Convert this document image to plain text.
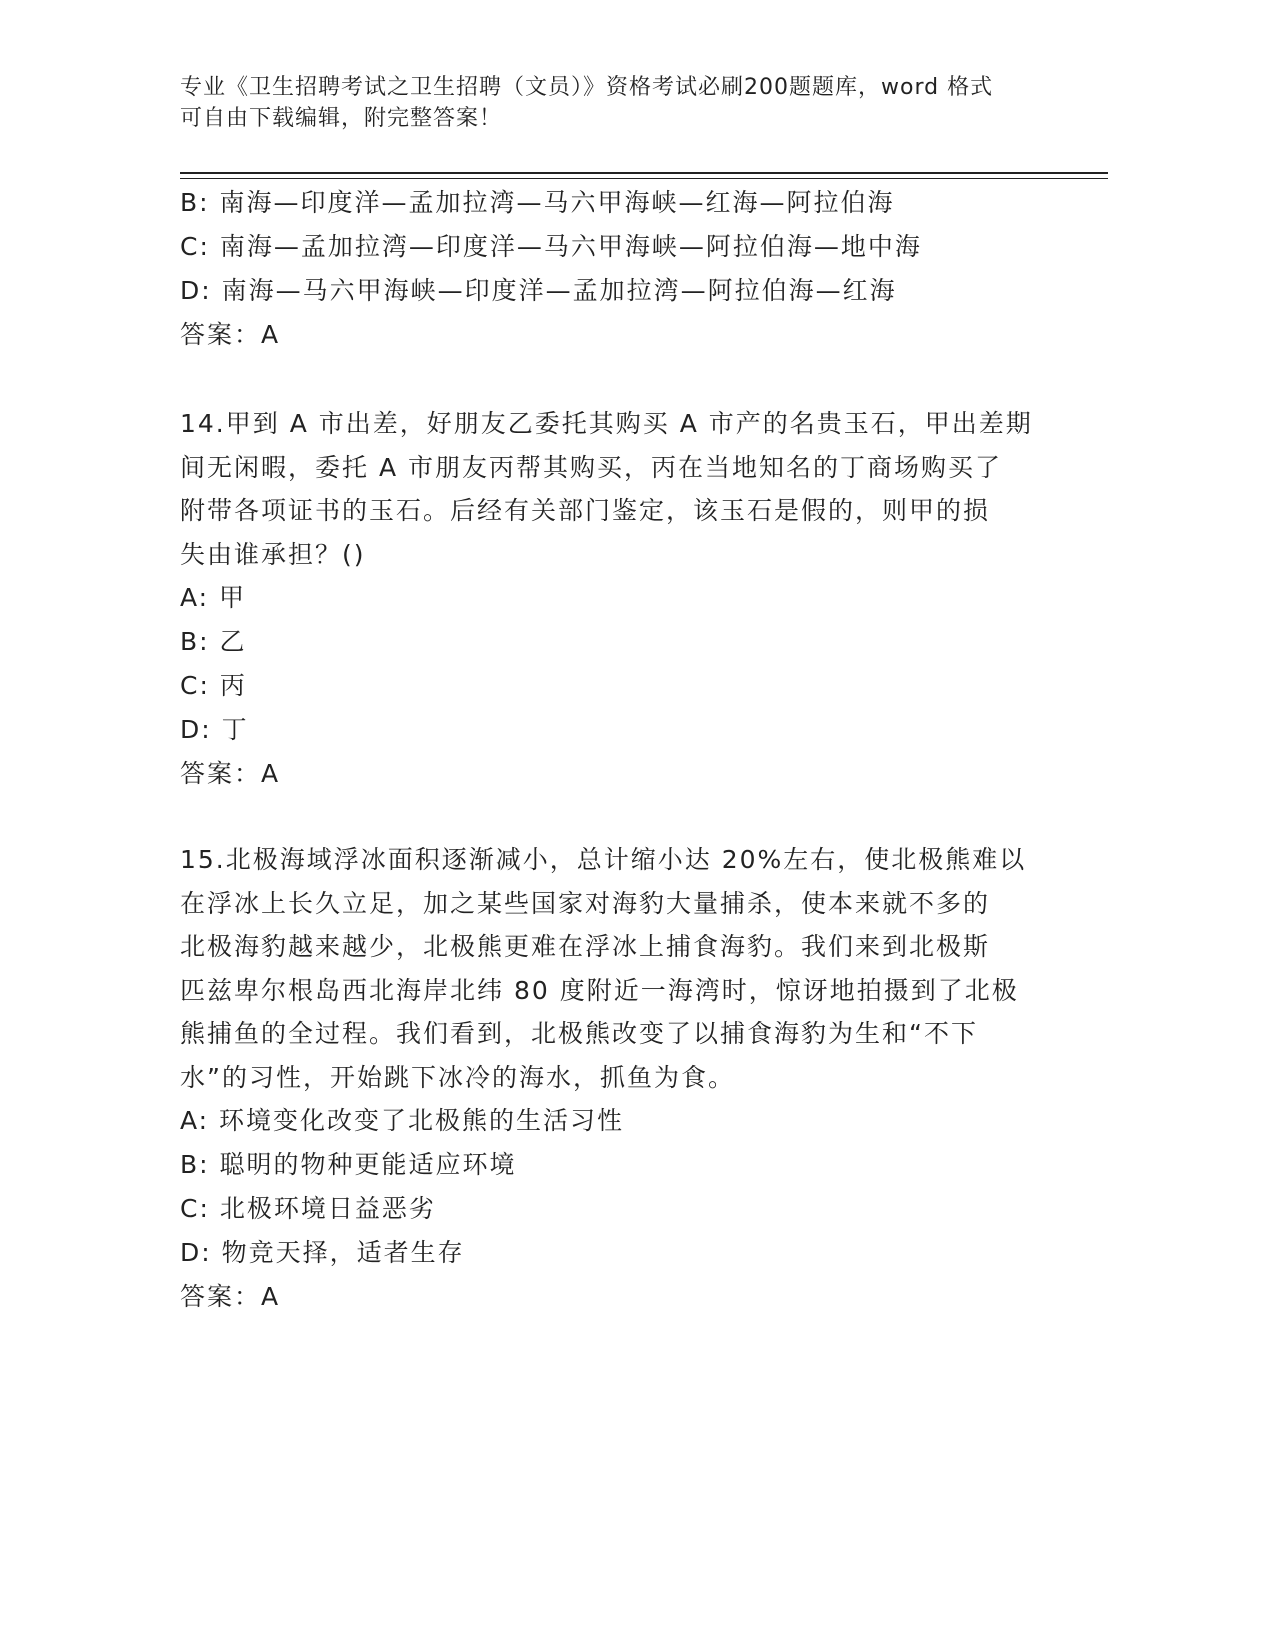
专业《卫生招聘考试之卫生招聘（文员）》资格考试必刷200题题库，word 格式
可自由下载编辑，附完整答案！
B: 南海—印度洋—孟加拉湾—马六甲海峡—红海—阿拉伯海
C: 南海—孟加拉湾—印度洋—马六甲海峡—阿拉伯海—地中海
D: 南海—马六甲海峡—印度洋—孟加拉湾—阿拉伯海—红海
答案：A

14.甲到 A 市出差，好朋友乙委托其购买 A 市产的名贵玉石，甲出差期
间无闲暇，委托 A 市朋友丙帮其购买，丙在当地知名的丁商场购买了
附带各项证书的玉石。后经有关部门鉴定，该玉石是假的，则甲的损
失由谁承担？()

A: 甲
B: 乙
C: 丙
D: 丁
答案：A

15.北极海域浮冰面积逐渐减小，总计缩小达 20%左右，使北极熊难以
在浮冰上长久立足，加之某些国家对海豹大量捕杀，使本来就不多的
北极海豹越来越少，北极熊更难在浮冰上捕食海豹。我们来到北极斯
匹兹卑尔根岛西北海岸北纬 80 度附近一海湾时，惊讶地拍摄到了北极
熊捕鱼的全过程。我们看到，北极熊改变了以捕食海豹为生和“不下
水”的习性，开始跳下冰冷的海水，抓鱼为食。

A: 环境变化改变了北极熊的生活习性
B: 聪明的物种更能适应环境
C: 北极环境日益恶劣
D: 物竞天择，适者生存
答案：A
